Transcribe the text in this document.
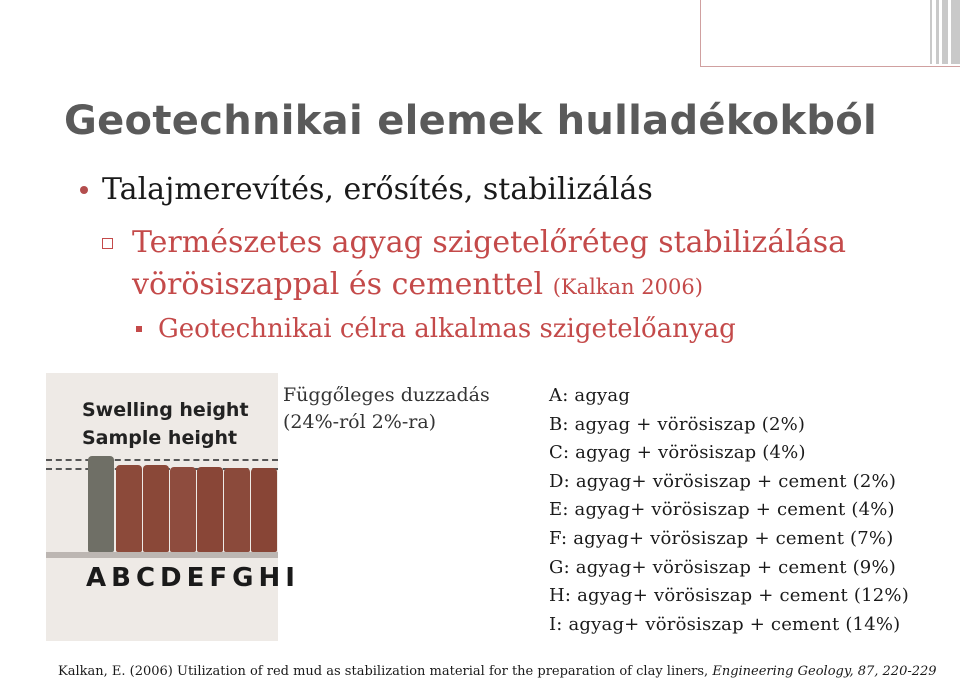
Geotechnikai elemek hulladékokból
Talajmerevítés, erősítés, stabilizálás
Természetes agyag szigetelőréteg stabilizálása
vörösiszappal és cementtel (Kalkan 2006)
Geotechnikai célra alkalmas szigetelőanyag
Swelling height
Sample height
ABCDEFGHI
Függőleges duzzadás
(24%-ról 2%-ra)
A: agyag
B: agyag + vörösiszap (2%)
C: agyag + vörösiszap (4%)
D: agyag+ vörösiszap + cement (2%)
E: agyag+ vörösiszap + cement (4%)
F: agyag+ vörösiszap + cement (7%)
G: agyag+ vörösiszap + cement (9%)
H: agyag+ vörösiszap + cement (12%)
I: agyag+ vörösiszap + cement (14%)
Kalkan, E. (2006) Utilization of red mud as stabilization material for the preparation of clay liners, Engineering Geology, 87, 220-229
